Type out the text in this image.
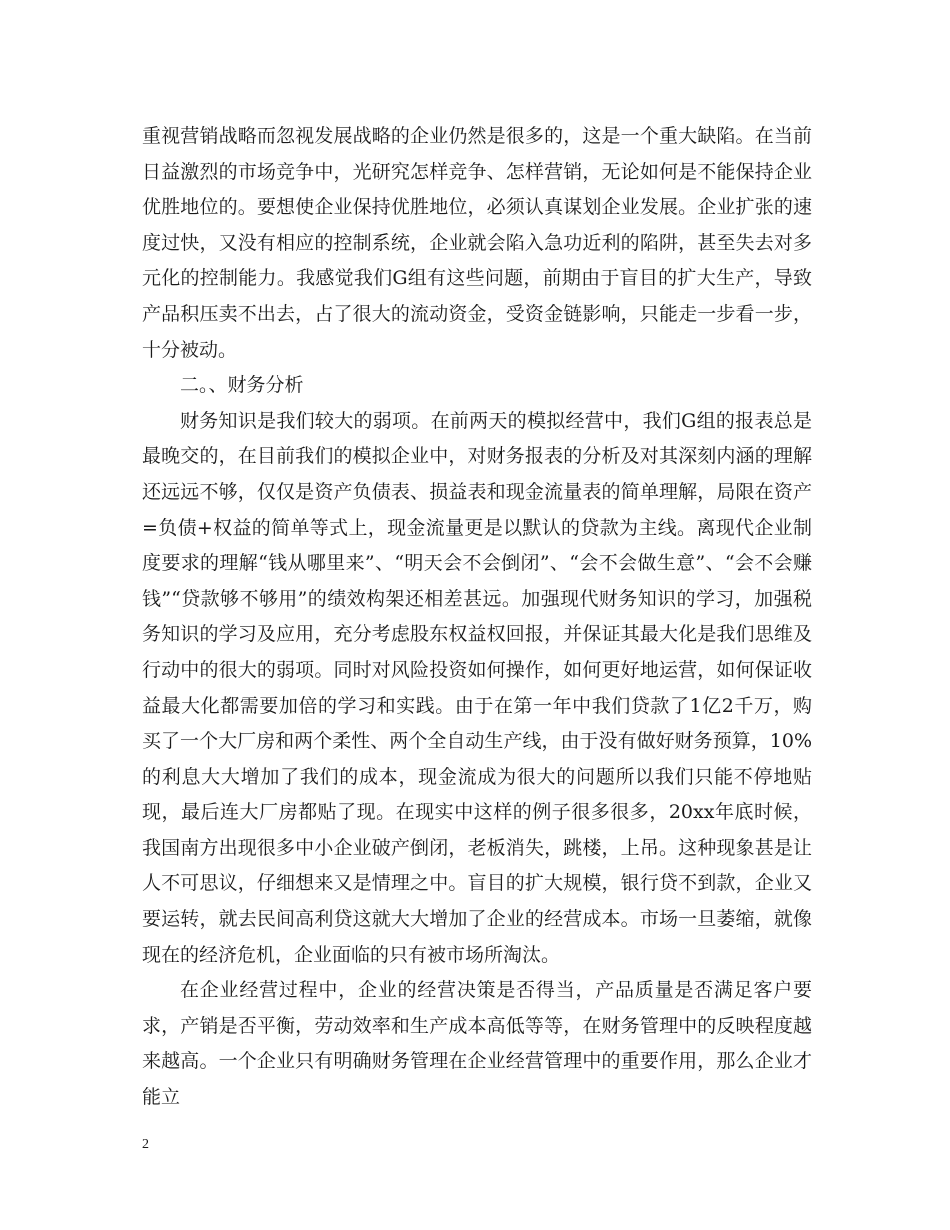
重视营销战略而忽视发展战略的企业仍然是很多的，这是一个重大缺陷。在当前日益激烈的市场竞争中，光研究怎样竞争、怎样营销，无论如何是不能保持企业优胜地位的。要想使企业保持优胜地位，必须认真谋划企业发展。企业扩张的速度过快，又没有相应的控制系统，企业就会陷入急功近利的陷阱，甚至失去对多元化的控制能力。我感觉我们G组有这些问题，前期由于盲目的扩大生产，导致产品积压卖不出去，占了很大的流动资金，受资金链影响，只能走一步看一步，十分被动。

二。、财务分析

财务知识是我们较大的弱项。在前两天的模拟经营中，我们G组的报表总是最晚交的，在目前我们的模拟企业中，对财务报表的分析及对其深刻内涵的理解还远远不够，仅仅是资产负债表、损益表和现金流量表的简单理解，局限在资产=负债+权益的简单等式上，现金流量更是以默认的贷款为主线。离现代企业制度要求的理解“钱从哪里来”、“明天会不会倒闭”、“会不会做生意”、“会不会赚钱”“贷款够不够用”的绩效构架还相差甚远。加强现代财务知识的学习，加强税务知识的学习及应用，充分考虑股东权益权回报，并保证其最大化是我们思维及行动中的很大的弱项。同时对风险投资如何操作，如何更好地运营，如何保证收益最大化都需要加倍的学习和实践。由于在第一年中我们贷款了1亿2千万，购买了一个大厂房和两个柔性、两个全自动生产线，由于没有做好财务预算，10%的利息大大增加了我们的成本，现金流成为很大的问题所以我们只能不停地贴现，最后连大厂房都贴了现。在现实中这样的例子很多很多，20xx年底时候，我国南方出现很多中小企业破产倒闭，老板消失，跳楼，上吊。这种现象甚是让人不可思议，仔细想来又是情理之中。盲目的扩大规模，银行贷不到款，企业又要运转，就去民间高利贷这就大大增加了企业的经营成本。市场一旦萎缩，就像现在的经济危机，企业面临的只有被市场所淘汰。

在企业经营过程中，企业的经营决策是否得当，产品质量是否满足客户要求，产销是否平衡，劳动效率和生产成本高低等等，在财务管理中的反映程度越来越高。一个企业只有明确财务管理在企业经营管理中的重要作用，那么企业才能立

2
